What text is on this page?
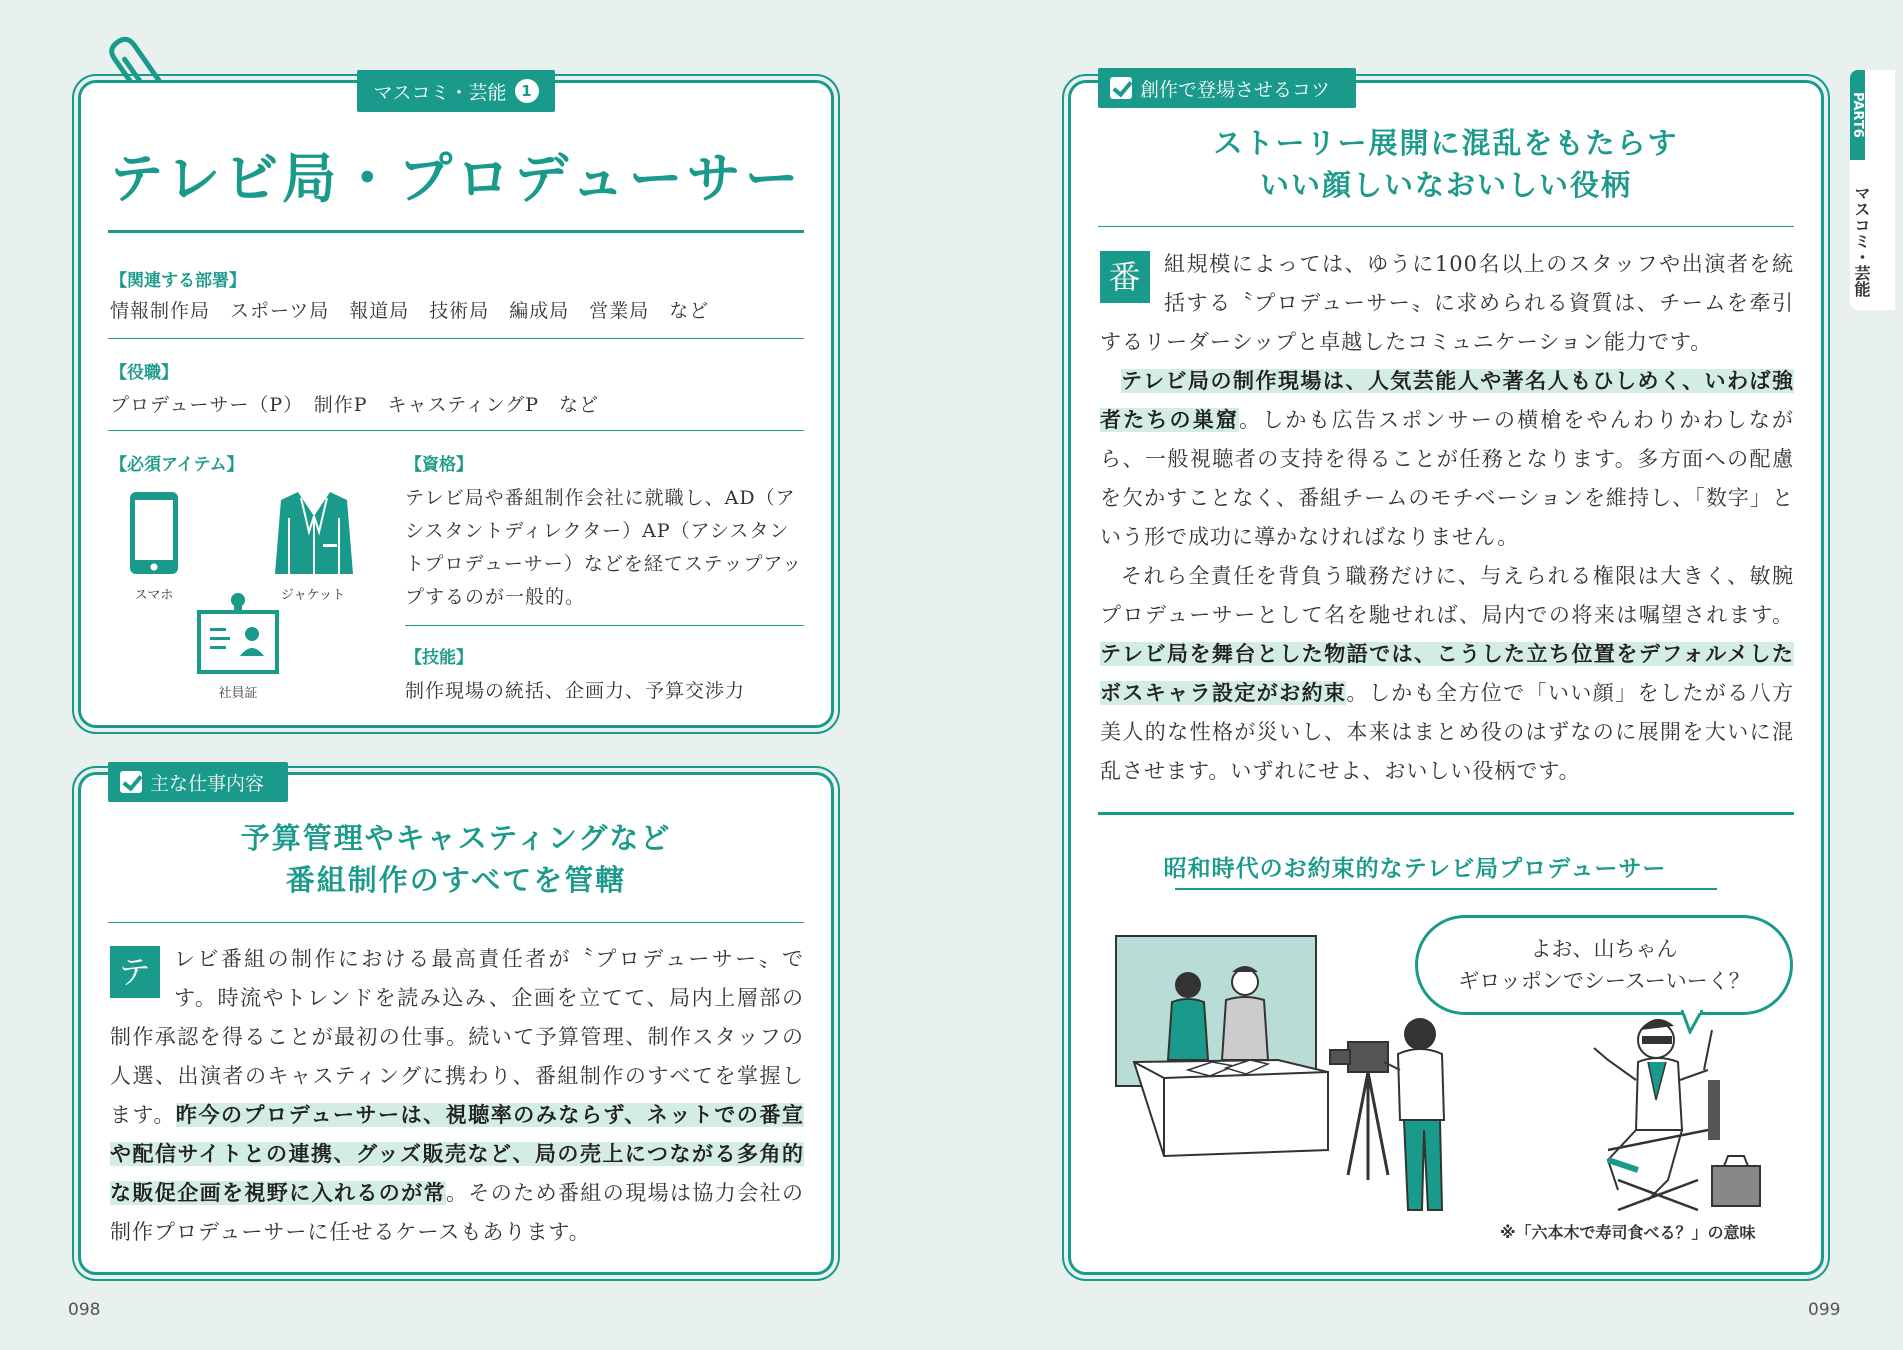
マスコミ・芸能 1
テレビ局・プロデューサー
【関連する部署】
情報制作局　スポーツ局　報道局　技術局　編成局　営業局　など
【役職】
プロデューサー（P）　制作P　キャスティングP　など
【必須アイテム】
スマホ	ジャケット
社員証
【資格】
テレビ局や番組制作会社に就職し、AD（アシスタントディレクター）AP（アシスタントプロデューサー）などを経てステップアップするのが一般的。
【技能】
制作現場の統括、企画力、予算交渉力
主な仕事内容
予算管理やキャスティングなど
番組制作のすべてを管轄
テ	レビ番組の制作における最高責任者が〝プロデューサー〟です。時流やトレンドを読み込み、企画を立てて、局内上層部の制作承認を得ることが最初の仕事。続いて予算管理、制作スタッフの人選、出演者のキャスティングに携わり、番組制作のすべてを掌握します。昨今のプロデューサーは、視聴率のみならず、ネットでの番宣や配信サイトとの連携、グッズ販売など、局の売上につながる多角的な販促企画を視野に入れるのが常。そのため番組の現場は協力会社の制作プロデューサーに任せるケースもあります。
098
創作で登場させるコツ
ストーリー展開に混乱をもたらす
いい顔しいなおいしい役柄
番	組規模によっては、ゆうに100名以上のスタッフや出演者を統括する〝プロデューサー〟に求められる資質は、チームを牽引するリーダーシップと卓越したコミュニケーション能力です。
テレビ局の制作現場は、人気芸能人や著名人もひしめく、いわば強者たちの巣窟。しかも広告スポンサーの横槍をやんわりかわしながら、一般視聴者の支持を得ることが任務となります。多方面への配慮を欠かすことなく、番組チームのモチベーションを維持し、「数字」という形で成功に導かなければなりません。
それら全責任を背負う職務だけに、与えられる権限は大きく、敏腕プロデューサーとして名を馳せれば、局内での将来は嘱望されます。テレビ局を舞台とした物語では、こうした立ち位置をデフォルメしたボスキャラ設定がお約束。しかも全方位で「いい顔」をしたがる八方美人的な性格が災いし、本来はまとめ役のはずなのに展開を大いに混乱させます。いずれにせよ、おいしい役柄です。
昭和時代のお約束的なテレビ局プロデューサー
よお、山ちゃん
ギロッポンでシースーいーく？
※「六本木で寿司食べる？」の意味
PART6
マスコミ・芸能
099
